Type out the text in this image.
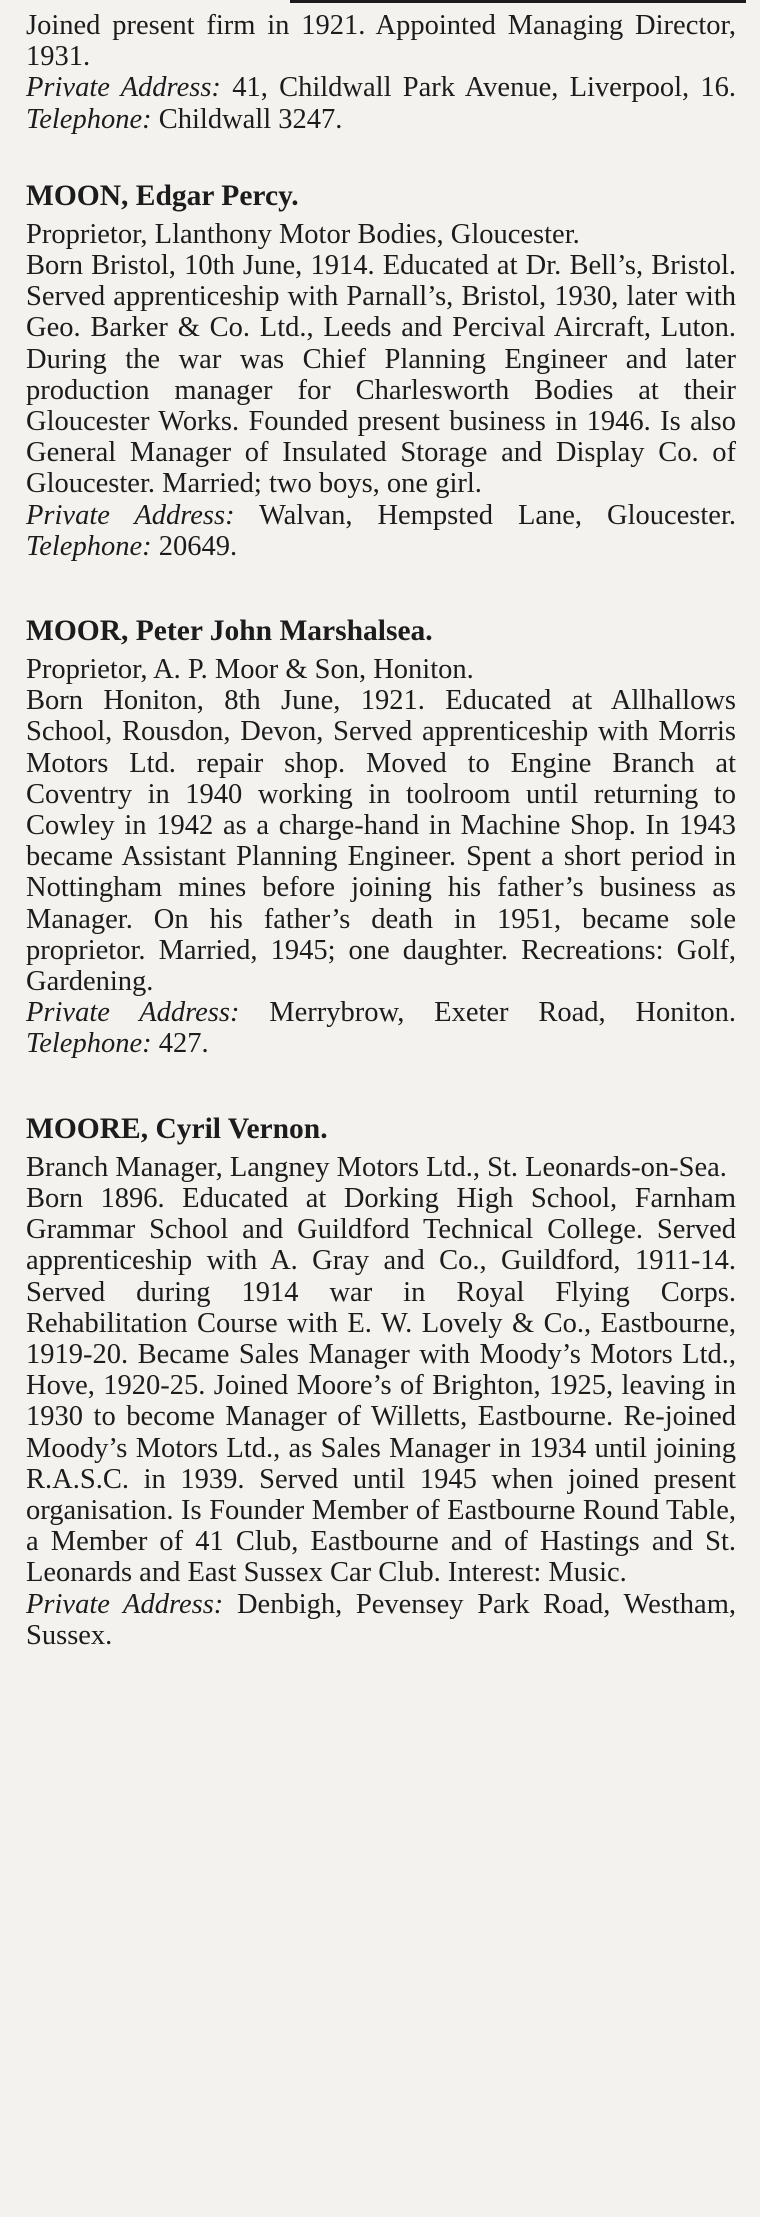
Joined present firm in 1921. Appointed Managing Director, 1931.

Private Address: 41, Childwall Park Avenue, Liverpool, 16. Telephone: Childwall 3247.

MOON, Edgar Percy.

Proprietor, Llanthony Motor Bodies, Gloucester.

Born Bristol, 10th June, 1914. Educated at Dr. Bell’s, Bristol. Served apprenticeship with Parnall’s, Bristol, 1930, later with Geo. Barker & Co. Ltd., Leeds and Percival Aircraft, Luton. During the war was Chief Planning Engineer and later production manager for Charlesworth Bodies at their Gloucester Works. Founded present business in 1946. Is also General Manager of Insulated Storage and Display Co. of Gloucester. Married; two boys, one girl.

Private Address: Walvan, Hempsted Lane, Gloucester. Telephone: 20649.

MOOR, Peter John Marshalsea.

Proprietor, A. P. Moor & Son, Honiton.

Born Honiton, 8th June, 1921. Educated at Allhallows School, Rousdon, Devon, Served apprenticeship with Morris Motors Ltd. repair shop. Moved to Engine Branch at Coventry in 1940 working in toolroom until returning to Cowley in 1942 as a charge-hand in Machine Shop. In 1943 became Assistant Planning Engineer. Spent a short period in Nottingham mines before joining his father’s business as Manager. On his father’s death in 1951, became sole proprietor. Married, 1945; one daughter. Recreations: Golf, Gardening.

Private Address: Merrybrow, Exeter Road, Honiton. Telephone: 427.

MOORE, Cyril Vernon.

Branch Manager, Langney Motors Ltd., St. Leonards-on-Sea.

Born 1896. Educated at Dorking High School, Farnham Grammar School and Guildford Technical College. Served apprenticeship with A. Gray and Co., Guildford, 1911-14. Served during 1914 war in Royal Flying Corps. Rehabilitation Course with E. W. Lovely & Co., Eastbourne, 1919-20. Became Sales Manager with Moody’s Motors Ltd., Hove, 1920-25. Joined Moore’s of Brighton, 1925, leaving in 1930 to become Manager of Willetts, Eastbourne. Re-joined Moody’s Motors Ltd., as Sales Manager in 1934 until joining R.A.S.C. in 1939. Served until 1945 when joined present organisation. Is Founder Member of Eastbourne Round Table, a Member of 41 Club, Eastbourne and of Hastings and St. Leonards and East Sussex Car Club. Interest: Music.

Private Address: Denbigh, Pevensey Park Road, Westham, Sussex.
